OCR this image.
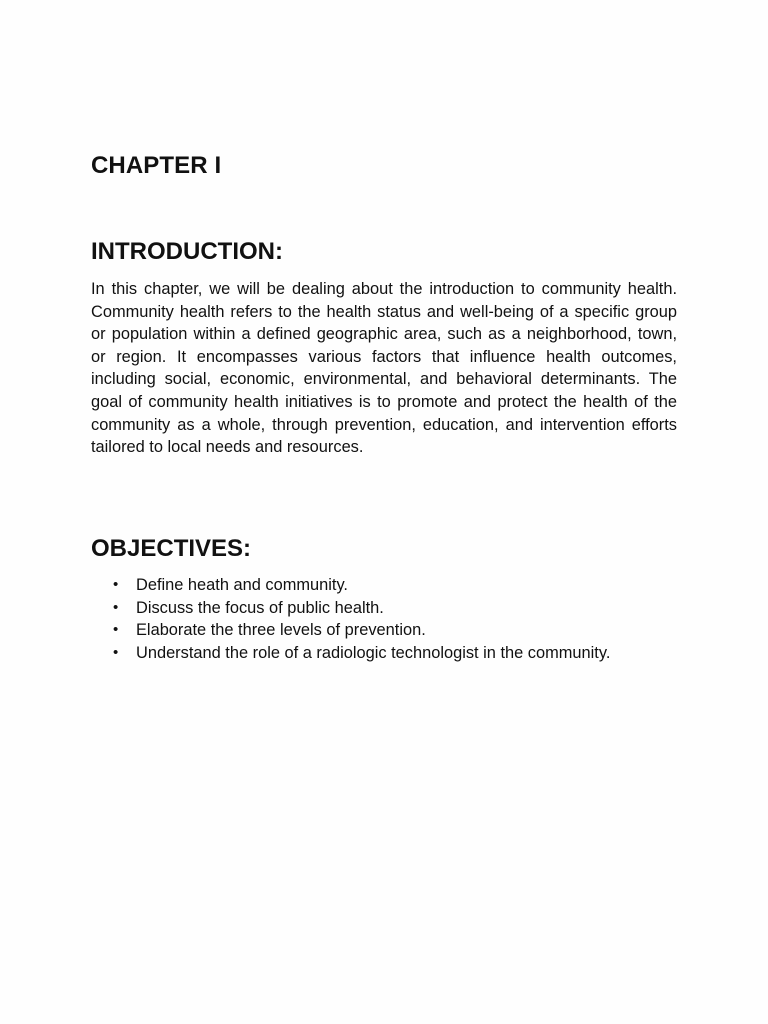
CHAPTER I
INTRODUCTION:

In this chapter, we will be dealing about the introduction to community health.  Community health refers to the health status and well-being of a specific group or population within a defined geographic area, such as a neighborhood, town, or region. It encompasses various factors that influence health outcomes, including social, economic, environmental, and behavioral determinants. The goal of community health initiatives is to promote and protect the health of the community as a whole, through prevention, education, and intervention efforts tailored to local needs and resources.

OBJECTIVES:
• Define heath and community.
• Discuss the focus of public health.
• Elaborate the three levels of prevention.
• Understand the role of a radiologic technologist in the community.
